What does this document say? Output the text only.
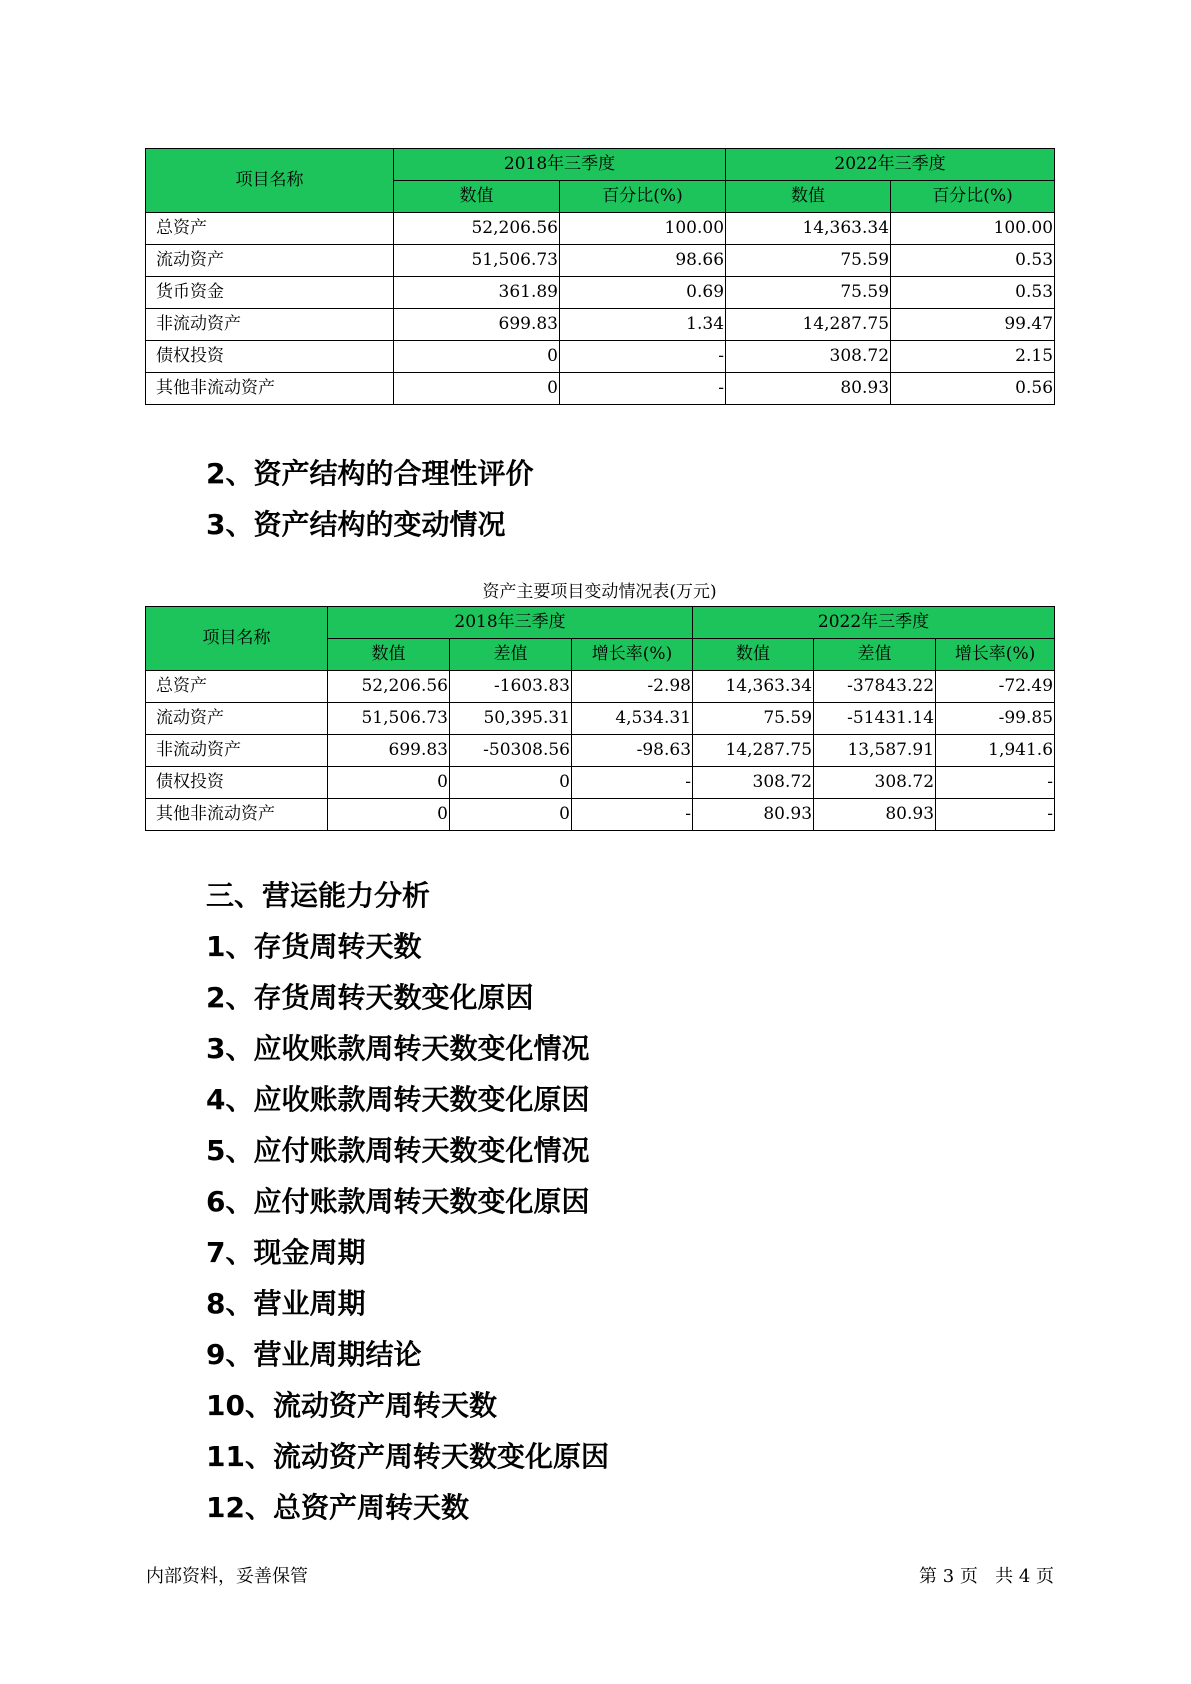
项目名称	2018年三季度		2022年三季度	
	数值	百分比(%)	数值	百分比(%)
总资产	52,206.56	100.00	14,363.34	100.00
流动资产	51,506.73	98.66	75.59	0.53
货币资金	361.89	0.69	75.59	0.53
非流动资产	699.83	1.34	14,287.75	99.47
债权投资	0	-	308.72	2.15
其他非流动资产	0	-	80.93	0.56
2、资产结构的合理性评价
3、资产结构的变动情况
资产主要项目变动情况表(万元)
项目名称	2018年三季度			2022年三季度		
	数值	差值	增长率(%)	数值	差值	增长率(%)
总资产	52,206.56	-1603.83	-2.98	14,363.34	-37843.22	-72.49
流动资产	51,506.73	50,395.31	4,534.31	75.59	-51431.14	-99.85
非流动资产	699.83	-50308.56	-98.63	14,287.75	13,587.91	1,941.6
债权投资	0	0	-	308.72	308.72	-
其他非流动资产	0	0	-	80.93	80.93	-
三、营运能力分析
1、存货周转天数
2、存货周转天数变化原因
3、应收账款周转天数变化情况
4、应收账款周转天数变化原因
5、应付账款周转天数变化情况
6、应付账款周转天数变化原因
7、现金周期
8、营业周期
9、营业周期结论
10、流动资产周转天数
11、流动资产周转天数变化原因
12、总资产周转天数
内部资料，妥善保管	第 3 页   共 4 页
